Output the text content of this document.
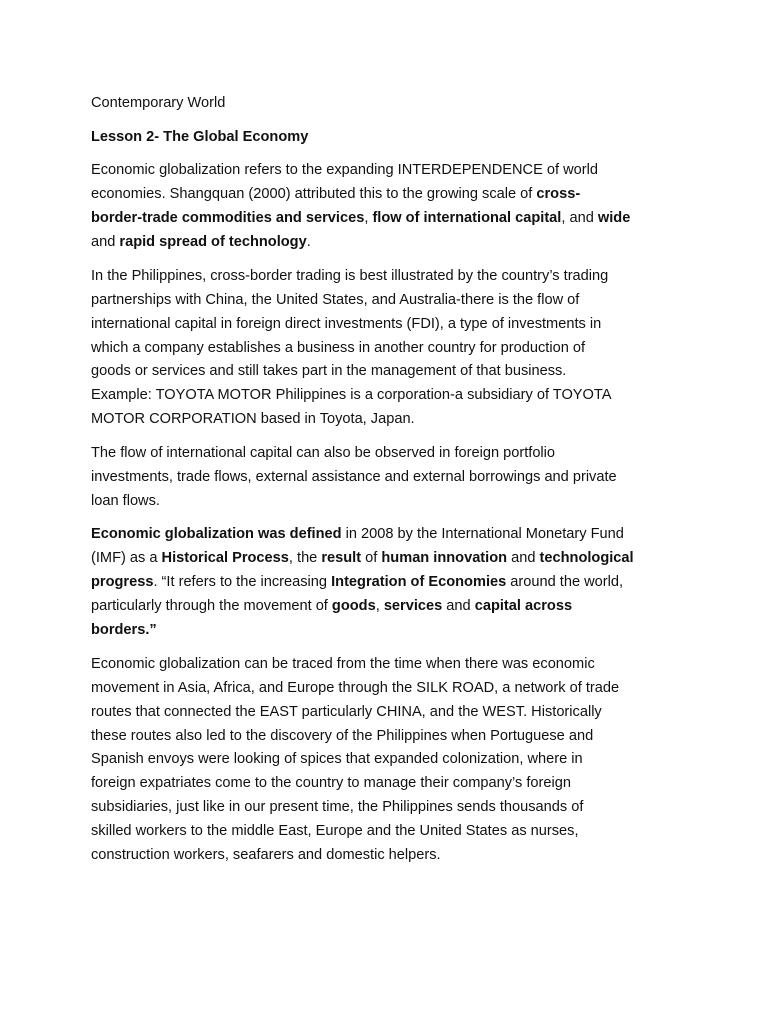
Contemporary World

Lesson 2- The Global Economy

Economic globalization refers to the expanding INTERDEPENDENCE of world
economies. Shangquan (2000) attributed this to the growing scale of cross-
border-trade commodities and services, flow of international capital, and wide
and rapid spread of technology.

In the Philippines, cross-border trading is best illustrated by the country’s trading
partnerships with China, the United States, and Australia-there is the flow of
international capital in foreign direct investments (FDI), a type of investments in
which a company establishes a business in another country for production of
goods or services and still takes part in the management of that business.
Example: TOYOTA MOTOR Philippines is a corporation-a subsidiary of TOYOTA
MOTOR CORPORATION based in Toyota, Japan.

The flow of international capital can also be observed in foreign portfolio
investments, trade flows, external assistance and external borrowings and private
loan flows.

Economic globalization was defined in 2008 by the International Monetary Fund
(IMF) as a Historical Process, the result of human innovation and technological
progress. “It refers to the increasing Integration of Economies around the world,
particularly through the movement of goods, services and capital across
borders.”

Economic globalization can be traced from the time when there was economic
movement in Asia, Africa, and Europe through the SILK ROAD, a network of trade
routes that connected the EAST particularly CHINA, and the WEST. Historically
these routes also led to the discovery of the Philippines when Portuguese and
Spanish envoys were looking of spices that expanded colonization, where in
foreign expatriates come to the country to manage their company’s foreign
subsidiaries, just like in our present time, the Philippines sends thousands of
skilled workers to the middle East, Europe and the United States as nurses,
construction workers, seafarers and domestic helpers.
